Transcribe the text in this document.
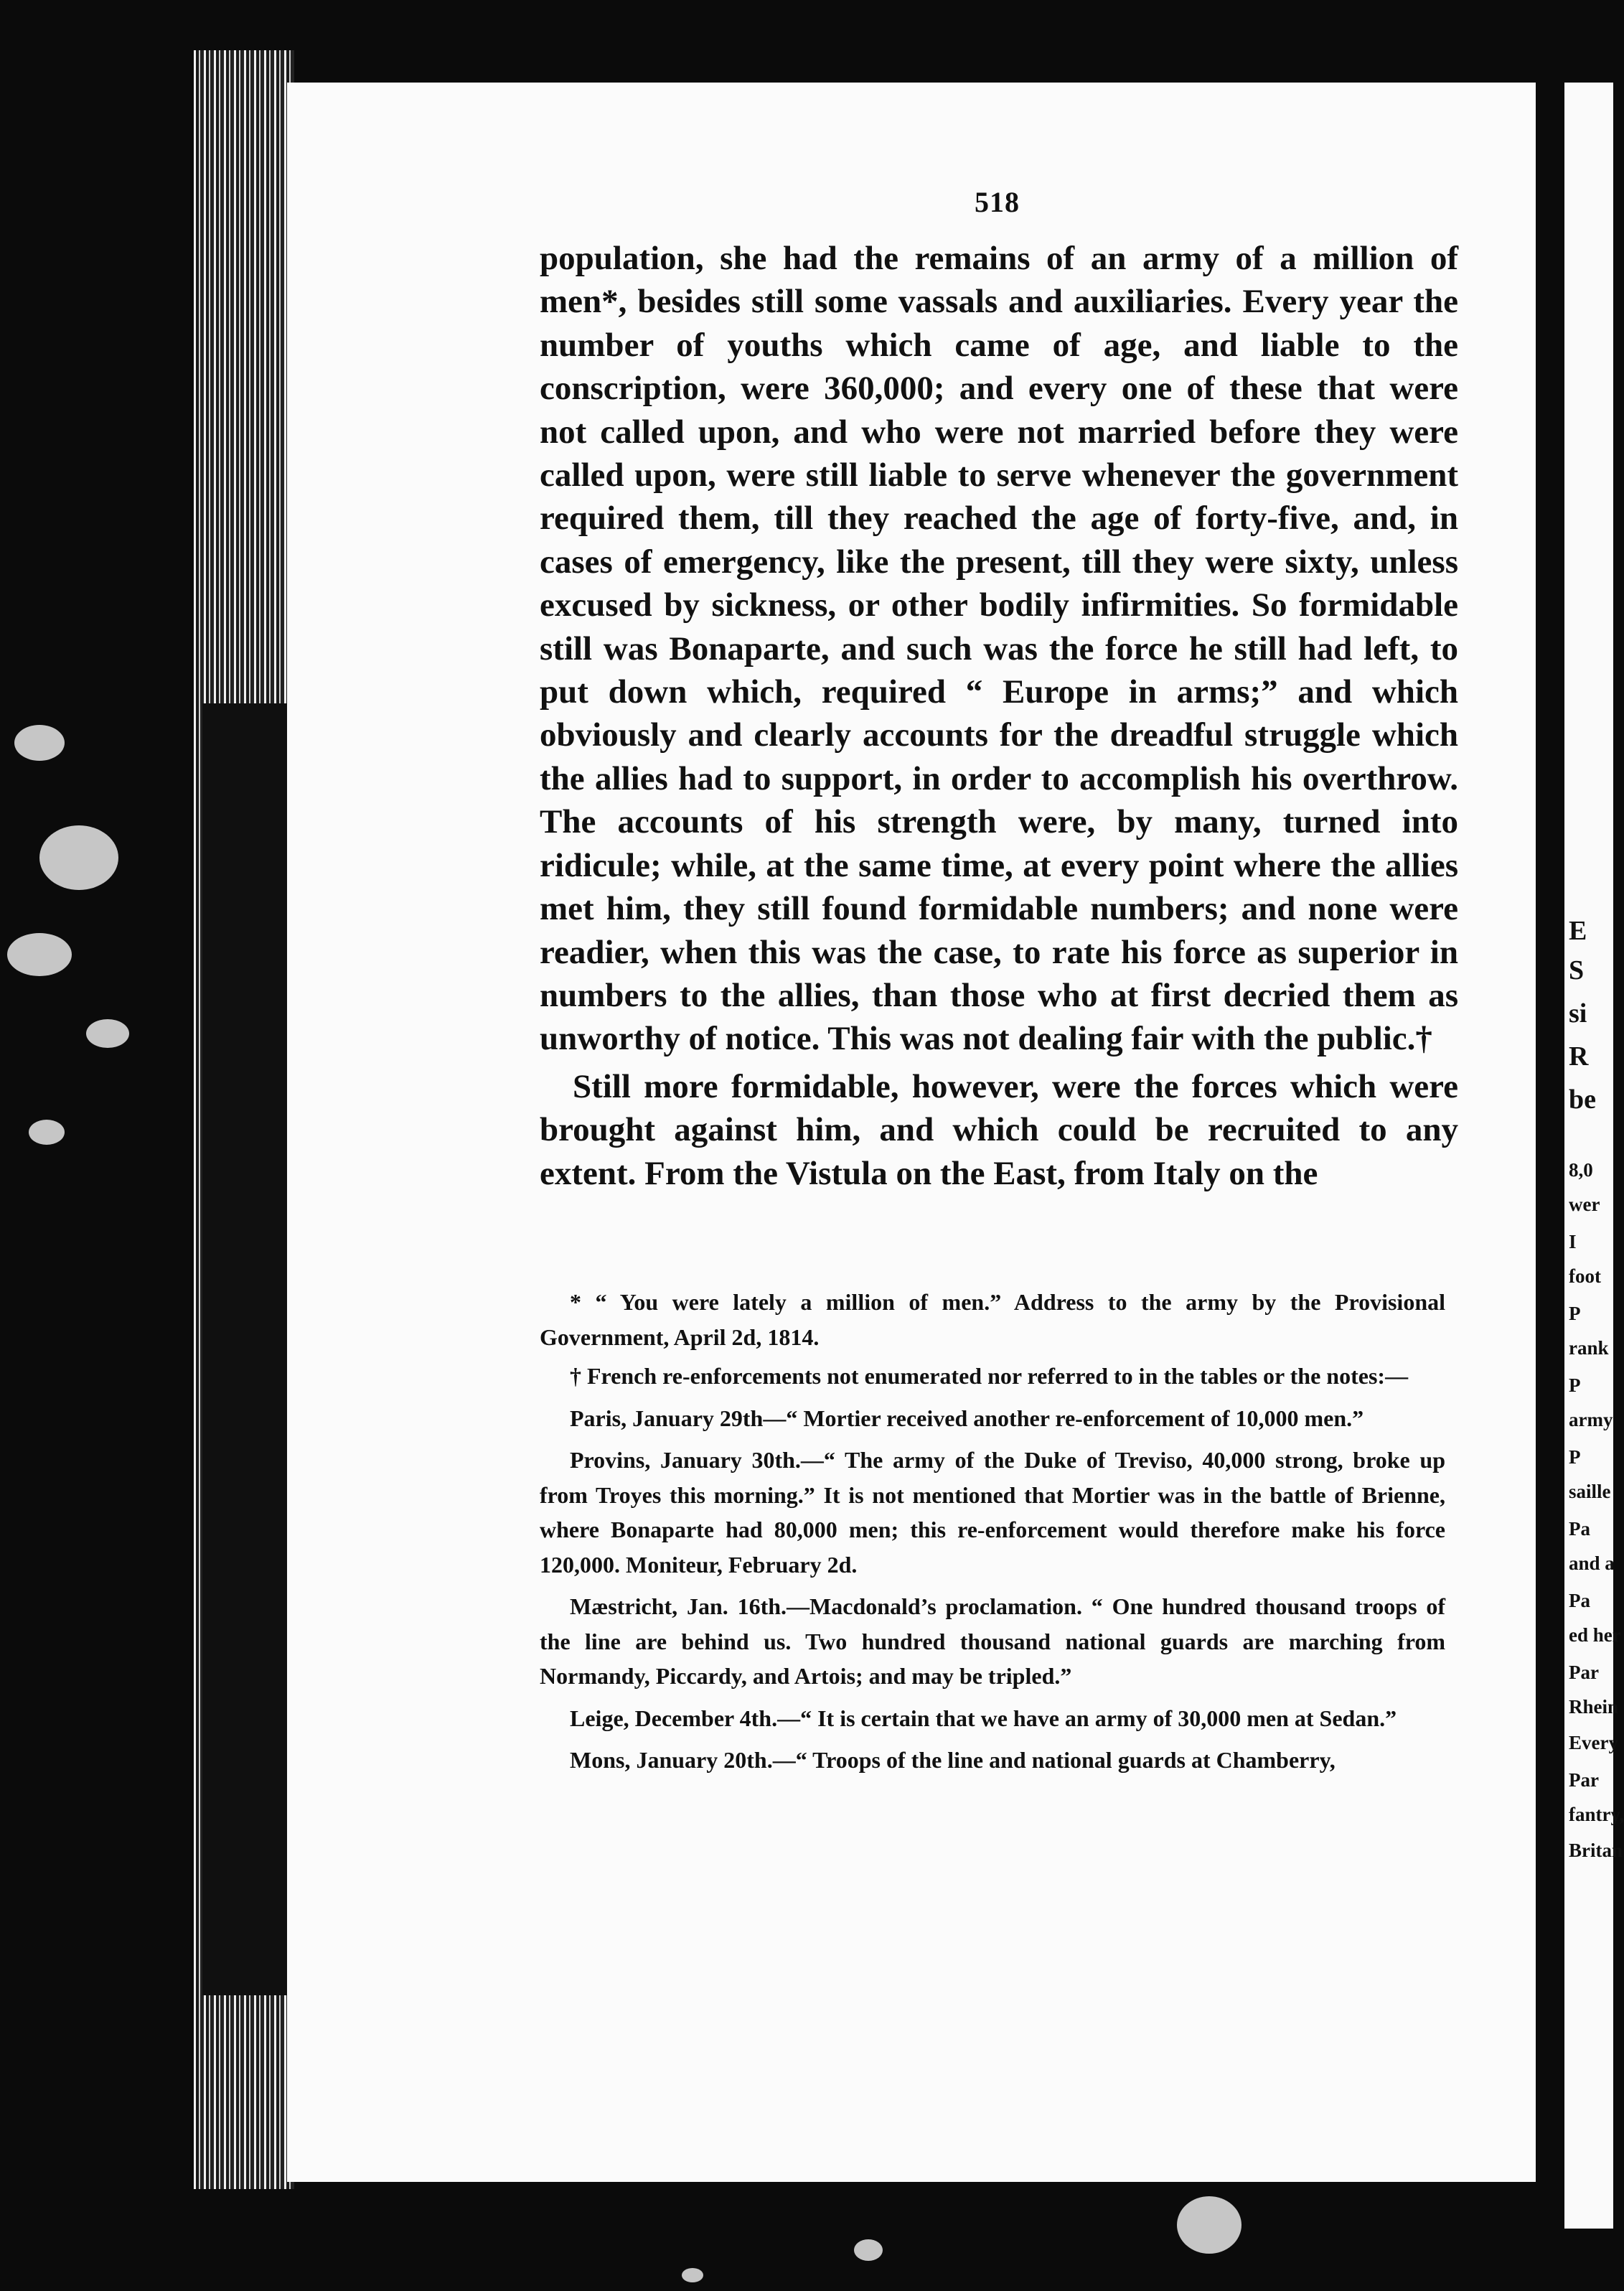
518

population, she had the remains of an army of a million of men*, besides still some vassals and auxiliaries. Every year the number of youths which came of age, and liable to the conscription, were 360,000; and every one of these that were not called upon, and who were not married before they were called upon, were still liable to serve whenever the government required them, till they reached the age of forty-five, and, in cases of emergency, like the present, till they were sixty, unless excused by sickness, or other bodily infirmities. So formidable still was Bonaparte, and such was the force he still had left, to put down which, required “ Europe in arms;” and which obviously and clearly accounts for the dreadful struggle which the allies had to support, in order to accomplish his overthrow. The accounts of his strength were, by many, turned into ridicule; while, at the same time, at every point where the allies met him, they still found formidable numbers; and none were readier, when this was the case, to rate his force as superior in numbers to the allies, than those who at first decried them as unworthy of notice. This was not dealing fair with the public.†

Still more formidable, however, were the forces which were brought against him, and which could be recruited to any extent. From the Vistula on the East, from Italy on the

* “ You were lately a million of men.” Address to the army by the Provisional Government, April 2d, 1814.

† French re-enforcements not enumerated nor referred to in the tables or the notes:—

Paris, January 29th—“ Mortier received another re-enforcement of 10,000 men.”

Provins, January 30th.—“ The army of the Duke of Treviso, 40,000 strong, broke up from Troyes this morning.” It is not mentioned that Mortier was in the battle of Brienne, where Bonaparte had 80,000 men; this re-enforcement would therefore make his force 120,000. Moniteur, February 2d.

Mæstricht, Jan. 16th.—Macdonald’s proclamation. “ One hundred thousand troops of the line are behind us. Two hundred thousand national guards are marching from Normandy, Piccardy, and Artois; and may be tripled.”

Leige, December 4th.—“ It is certain that we have an army of 30,000 men at Sedan.”

Mons, January 20th.—“ Troops of the line and national guards at Chamberry,

E
S
si
R
be
8,0
wer
I
foot
P
rank
P
army
P
saille
Pa
and a
Pa
ed her
Par
Rhein
Every
Par
fantry,
Britan
